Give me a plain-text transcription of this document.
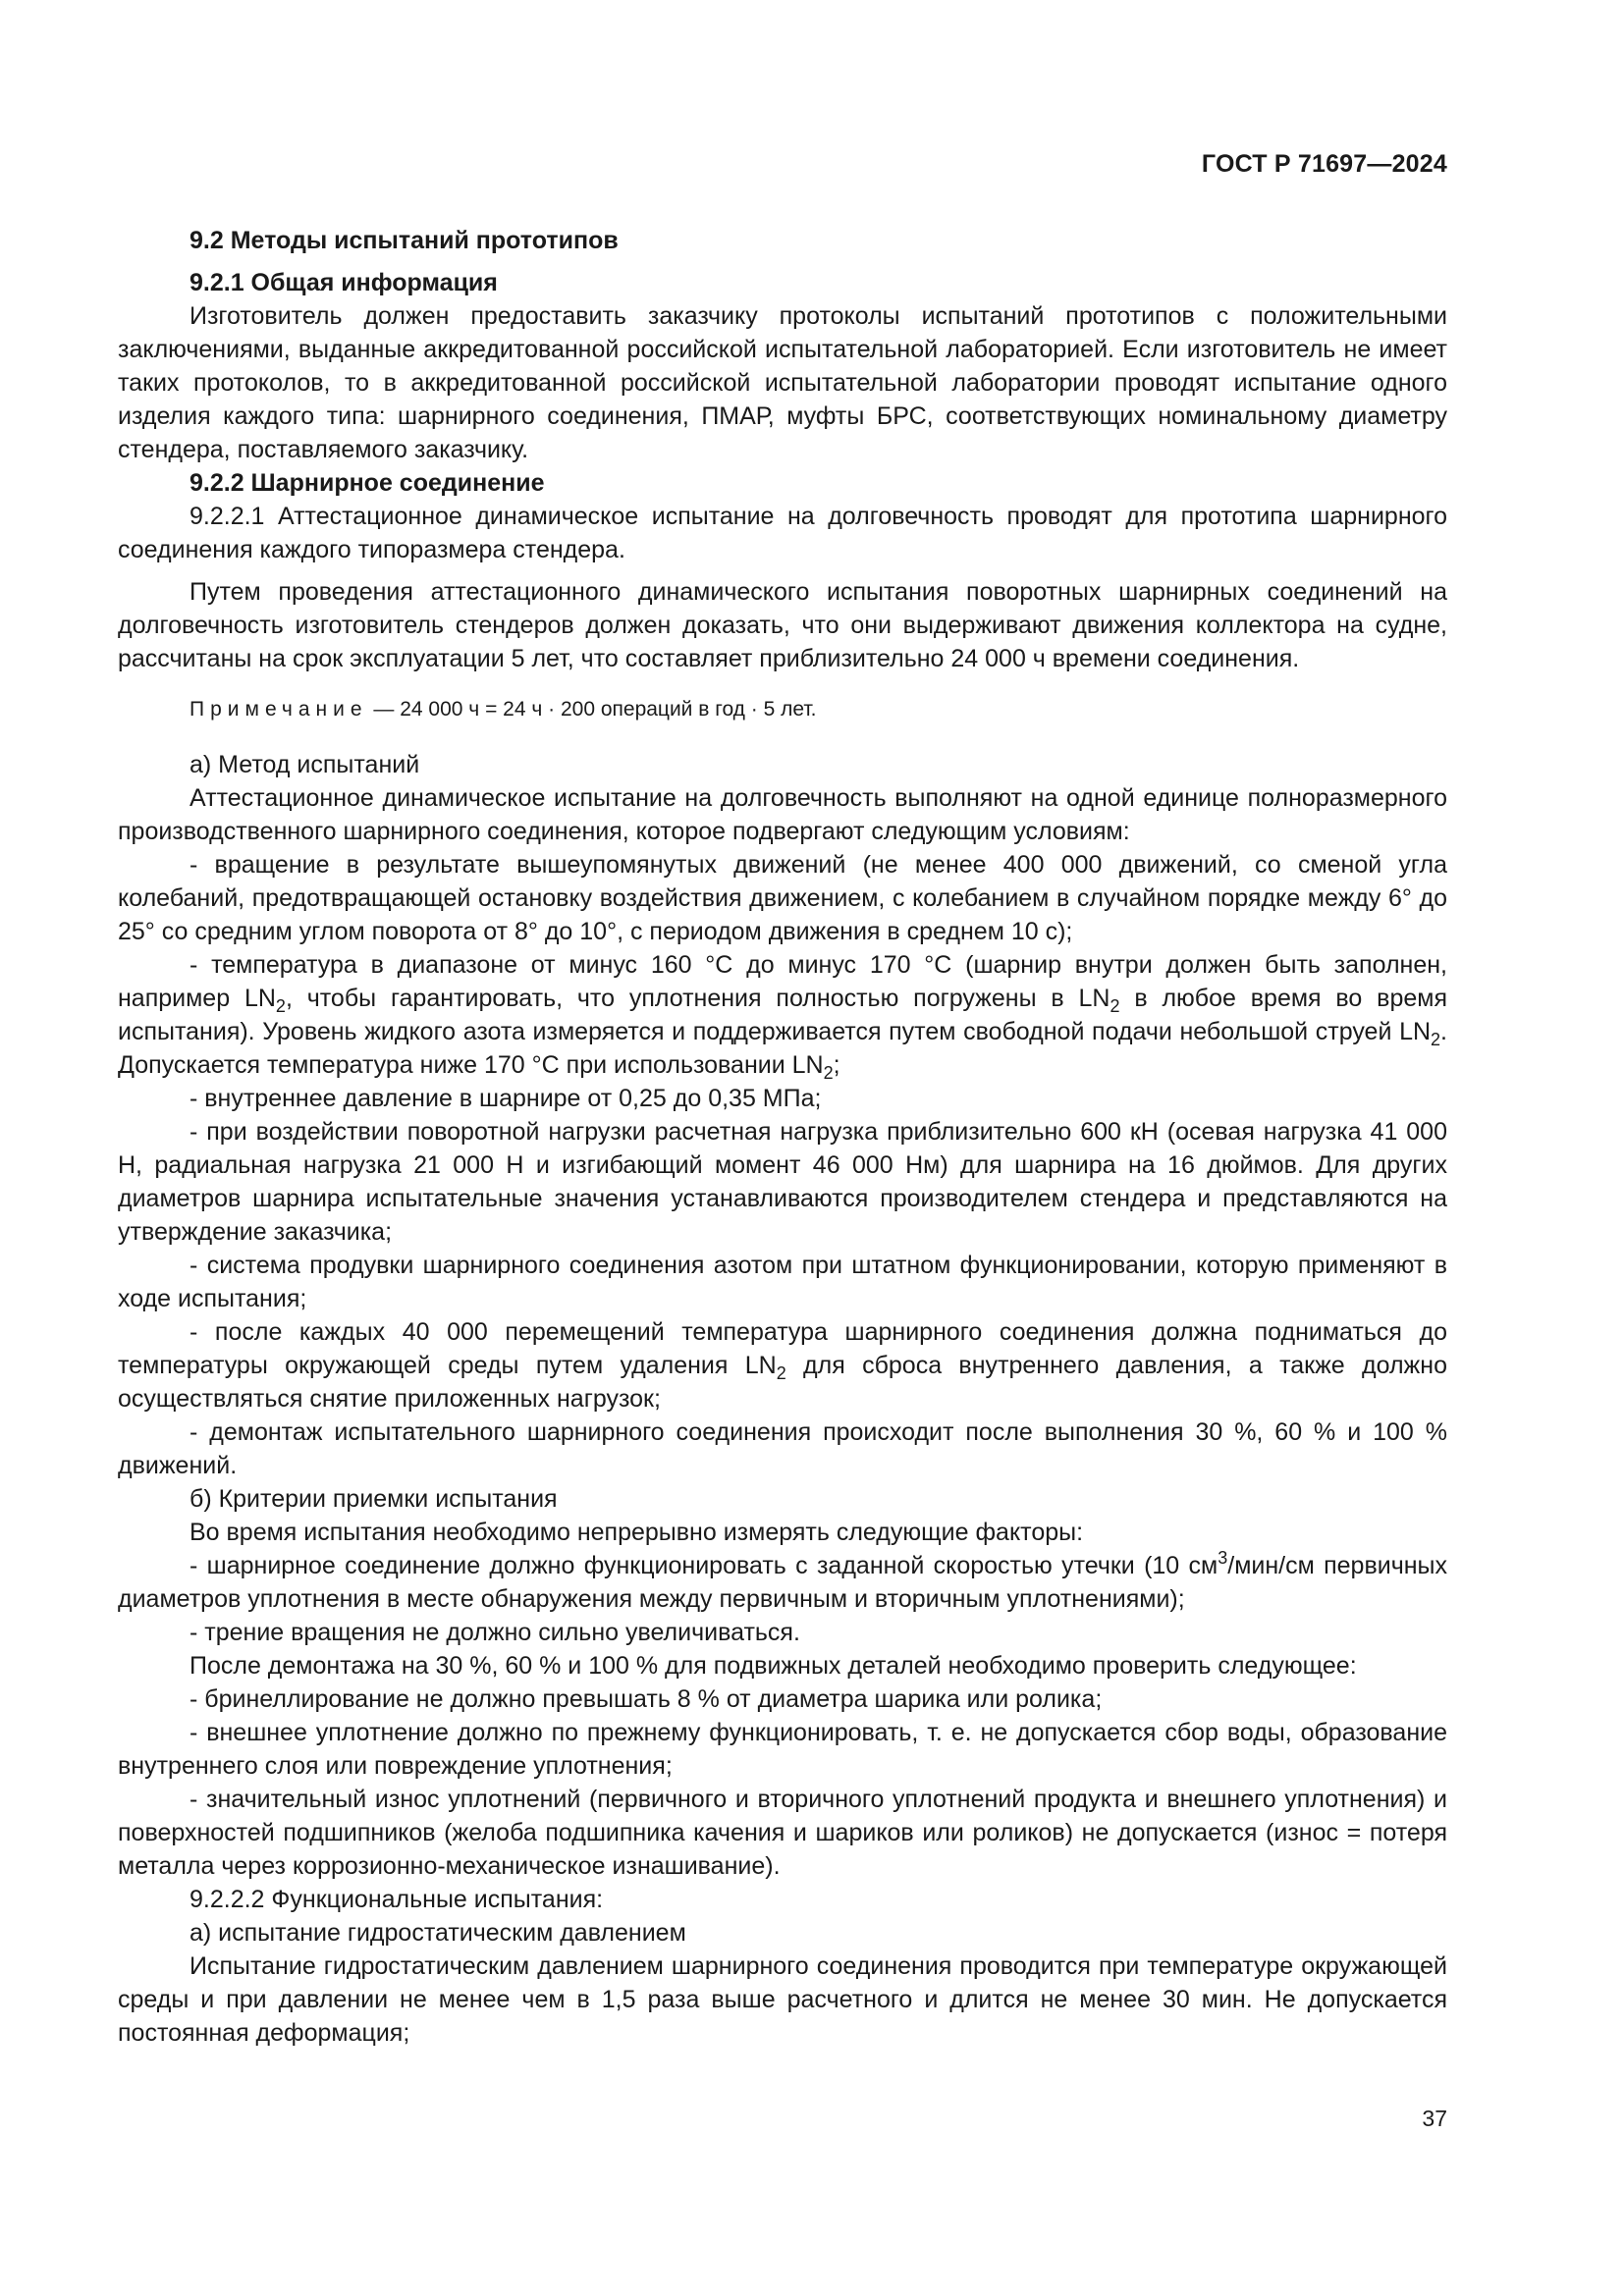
ГОСТ Р 71697—2024

9.2 Методы испытаний прототипов

9.2.1 Общая информация

Изготовитель должен предоставить заказчику протоколы испытаний прототипов с положительными заключениями, выданные аккредитованной российской испытательной лабораторией. Если изготовитель не имеет таких протоколов, то в аккредитованной российской испытательной лаборатории проводят испытание одного изделия каждого типа: шарнирного соединения, ПМАР, муфты БРС, соответствующих номинальному диаметру стендера, поставляемого заказчику.

9.2.2 Шарнирное соединение

9.2.2.1 Аттестационное динамическое испытание на долговечность проводят для прототипа шарнирного соединения каждого типоразмера стендера.

Путем проведения аттестационного динамического испытания поворотных шарнирных соединений на долговечность изготовитель стендеров должен доказать, что они выдерживают движения коллектора на судне, рассчитаны на срок эксплуатации 5 лет, что составляет приблизительно 24 000 ч времени соединения.

Примечание — 24 000 ч = 24 ч · 200 операций в год · 5 лет.

а) Метод испытаний

Аттестационное динамическое испытание на долговечность выполняют на одной единице полноразмерного производственного шарнирного соединения, которое подвергают следующим условиям:

- вращение в результате вышеупомянутых движений (не менее 400 000 движений, со сменой угла колебаний, предотвращающей остановку воздействия движением, с колебанием в случайном порядке между 6° до 25° со средним углом поворота от 8° до 10°, с периодом движения в среднем 10 с);

- температура в диапазоне от минус 160 °С до минус 170 °С (шарнир внутри должен быть заполнен, например $LN_2$, чтобы гарантировать, что уплотнения полностью погружены в $LN_2$ в любое время во время испытания). Уровень жидкого азота измеряется и поддерживается путем свободной подачи небольшой струей $LN_2$. Допускается температура ниже 170 °С при использовании $LN_2$;

- внутреннее давление в шарнире от 0,25 до 0,35 МПа;

- при воздействии поворотной нагрузки расчетная нагрузка приблизительно 600 кН (осевая нагрузка 41 000 Н, радиальная нагрузка 21 000 Н и изгибающий момент 46 000 Нм) для шарнира на 16 дюймов. Для других диаметров шарнира испытательные значения устанавливаются производителем стендера и представляются на утверждение заказчика;

- система продувки шарнирного соединения азотом при штатном функционировании, которую применяют в ходе испытания;

- после каждых 40 000 перемещений температура шарнирного соединения должна подниматься до температуры окружающей среды путем удаления $LN_2$ для сброса внутреннего давления, а также должно осуществляться снятие приложенных нагрузок;

- демонтаж испытательного шарнирного соединения происходит после выполнения 30 %, 60 % и 100 % движений.

б) Критерии приемки испытания

Во время испытания необходимо непрерывно измерять следующие факторы:

- шарнирное соединение должно функционировать с заданной скоростью утечки (10 $см^3/мин/см$ первичных диаметров уплотнения в месте обнаружения между первичным и вторичным уплотнениями);

- трение вращения не должно сильно увеличиваться.

После демонтажа на 30 %, 60 % и 100 % для подвижных деталей необходимо проверить следующее:

- бринеллирование не должно превышать 8 % от диаметра шарика или ролика;

- внешнее уплотнение должно по прежнему функционировать, т. е. не допускается сбор воды, образование внутреннего слоя или повреждение уплотнения;

- значительный износ уплотнений (первичного и вторичного уплотнений продукта и внешнего уплотнения) и поверхностей подшипников (желоба подшипника качения и шариков или роликов) не допускается (износ = потеря металла через коррозионно-механическое изнашивание).

9.2.2.2 Функциональные испытания:

а) испытание гидростатическим давлением

Испытание гидростатическим давлением шарнирного соединения проводится при температуре окружающей среды и при давлении не менее чем в 1,5 раза выше расчетного и длится не менее 30 мин. Не допускается постоянная деформация;

37
